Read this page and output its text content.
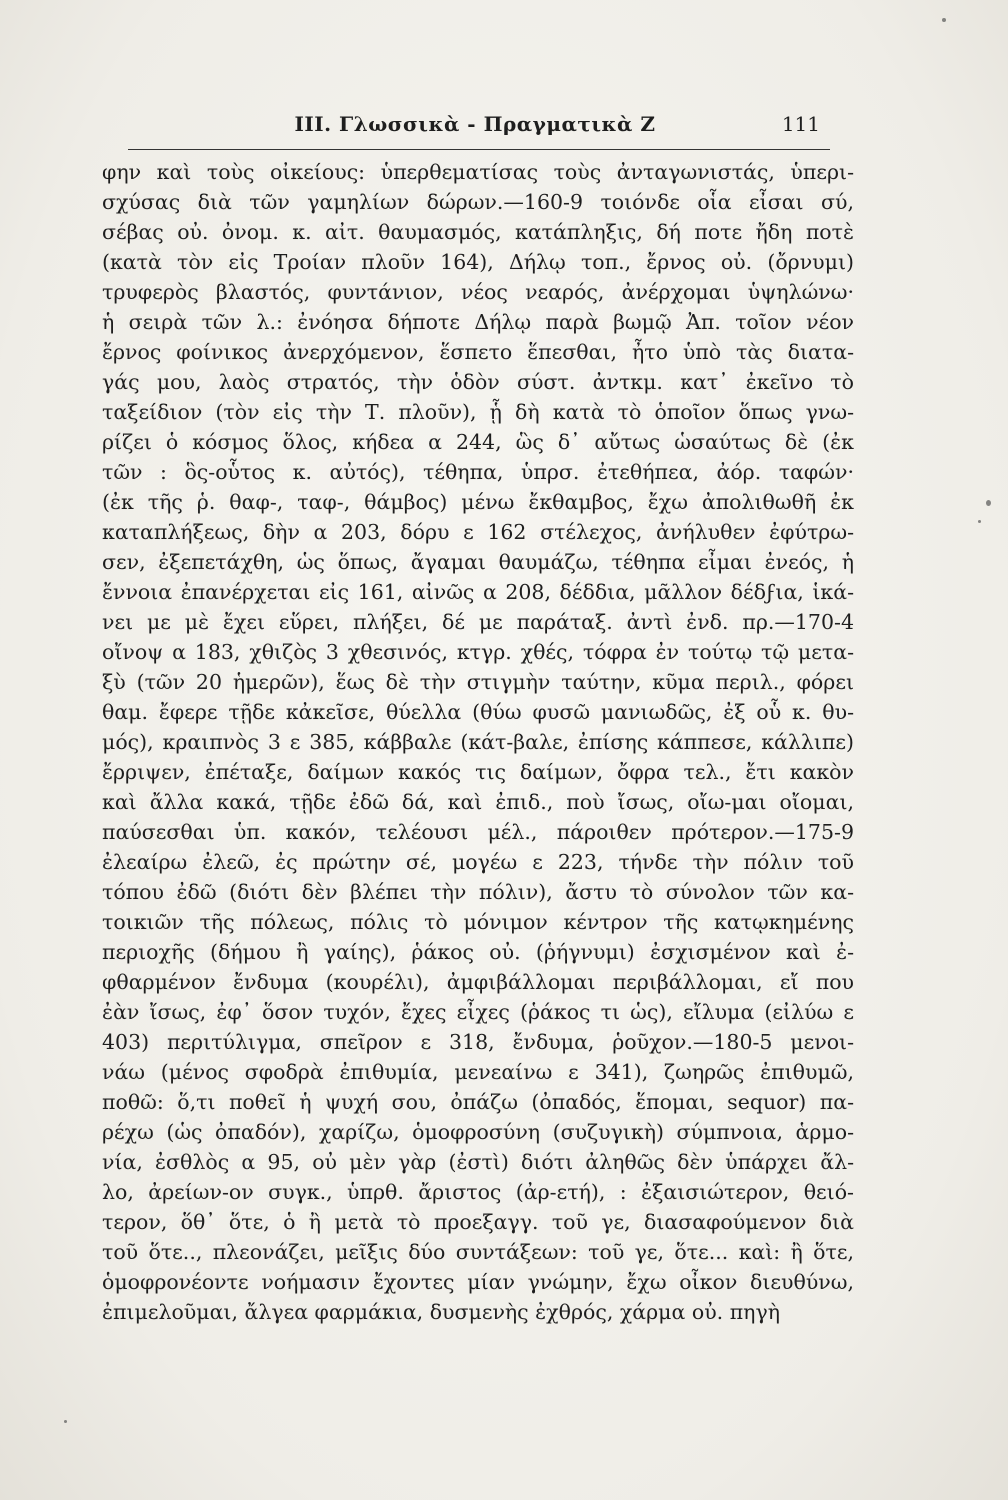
III. Γλωσσικὰ - Πραγματικὰ Ζ	111
φην καὶ τοὺς οἰκείους: ὑπερθεματίσας τοὺς ἀνταγωνιστάς, ὑπερι-
σχύσας διὰ τῶν γαμηλίων δώρων.—160-9 τοιόνδε οἷα εἶσαι σύ,
σέβας οὐ. ὀνομ. κ. αἰτ. θαυμασμός, κατάπληξις, δή ποτε ἤδη ποτὲ
(κατὰ τὸν εἰς Τροίαν πλοῦν 164), Δήλῳ τοπ., ἔρνος οὐ. (ὄρνυμι)
τρυφερὸς βλαστός, φυντάνιον, νέος νεαρός, ἀνέρχομαι ὑψηλώνω·
ἡ σειρὰ τῶν λ.: ἐνόησα δήποτε Δήλῳ παρὰ βωμῷ Ἀπ. τοῖον νέον
ἔρνος φοίνικος ἀνερχόμενον, ἕσπετο ἕπεσθαι, ἦτο ὑπὸ τὰς διατα-
γάς μου, λαὸς στρατός, τὴν ὁδὸν σύστ. ἀντκμ. κατ᾽ ἐκεῖνο τὸ
ταξείδιον (τὸν εἰς τὴν Τ. πλοῦν), ᾗ δὴ κατὰ τὸ ὁποῖον ὅπως γνω-
ρίζει ὁ κόσμος ὅλος, κήδεα α 244, ὣς δ᾽ αὔτως ὡσαύτως δὲ (ἐκ
τῶν : ὃς-οὗτος κ. αὐτός), τέθηπα, ὑπρσ. ἐτεθήπεα, ἀόρ. ταφών·
(ἐκ τῆς ῥ. θαφ-, ταφ-, θάμβος) μένω ἔκθαμβος, ἔχω ἀπολιθωθῆ ἐκ
καταπλήξεως, δὴν α 203, δόρυ ε 162 στέλεχος, ἀνήλυθεν ἐφύτρω-
σεν, ἐξεπετάχθη, ὡς ὅπως, ἄγαμαι θαυμάζω, τέθηπα εἶμαι ἐνεός, ἡ
ἔννοια ἐπανέρχεται εἰς 161, αἰνῶς α 208, δέδδια, μᾶλλον δέδϝια, ἱκά-
νει με μὲ ἔχει εὕρει, πλήξει, δέ με παράταξ. ἀντὶ ἐνδ. πρ.—170-4
οἴνοψ α 183, χθιζὸς 3 χθεσινός, κτγρ. χθές, τόφρα ἐν τούτῳ τῷ μετα-
ξὺ (τῶν 20 ἡμερῶν), ἕως δὲ τὴν στιγμὴν ταύτην, κῦμα περιλ., φόρει
θαμ. ἔφερε τῇδε κἀκεῖσε, θύελλα (θύω φυσῶ μανιωδῶς, ἐξ οὗ κ. θυ-
μός), κραιπνὸς 3 ε 385, κάββαλε (κάτ-βαλε, ἐπίσης κάππεσε, κάλλιπε)
ἔρριψεν, ἐπέταξε, δαίμων κακός τις δαίμων, ὄφρα τελ., ἔτι κακὸν
καὶ ἄλλα κακά, τῇδε ἐδῶ δά, καὶ ἐπιδ., ποὺ ἴσως, οἴω-μαι οἴομαι,
παύσεσθαι ὑπ. κακόν, τελέουσι μέλ., πάροιθεν πρότερον.—175-9
ἐλεαίρω ἐλεῶ, ἐς πρώτην σέ, μογέω ε 223, τήνδε τὴν πόλιν τοῦ
τόπου ἐδῶ (διότι δὲν βλέπει τὴν πόλιν), ἄστυ τὸ σύνολον τῶν κα-
τοικιῶν τῆς πόλεως, πόλις τὸ μόνιμον κέντρον τῆς κατῳκημένης
περιοχῆς (δήμου ἢ γαίης), ῥάκος οὐ. (ῥήγνυμι) ἐσχισμένον καὶ ἐ-
φθαρμένον ἔνδυμα (κουρέλι), ἀμφιβάλλομαι περιβάλλομαι, εἴ που
ἐὰν ἴσως, ἐφ᾽ ὅσον τυχόν, ἔχες εἶχες (ῥάκος τι ὡς), εἴλυμα (εἰλύω ε
403) περιτύλιγμα, σπεῖρον ε 318, ἔνδυμα, ῥοῦχον.—180-5 μενοι-
νάω (μένος σφοδρὰ ἐπιθυμία, μενεαίνω ε 341), ζωηρῶς ἐπιθυμῶ,
ποθῶ: ὅ,τι ποθεῖ ἡ ψυχή σου, ὀπάζω (ὀπαδός, ἕπομαι, sequor) πα-
ρέχω (ὡς ὀπαδόν), χαρίζω, ὁμοφροσύνη (συζυγικὴ) σύμπνοια, ἁρμο-
νία, ἐσθλὸς α 95, οὐ μὲν γὰρ (ἐστὶ) διότι ἀληθῶς δὲν ὑπάρχει ἄλ-
λο, ἀρείων-ον συγκ., ὑπρθ. ἄριστος (ἀρ-ετή), : ἐξαισιώτερον, θειό-
τερον, ὅθ᾽ ὅτε, ὁ ἢ μετὰ τὸ προεξαγγ. τοῦ γε, διασαφούμενον διὰ
τοῦ ὅτε.., πλεονάζει, μεῖξις δύο συντάξεων: τοῦ γε, ὅτε... καὶ: ἢ ὅτε,
ὁμοφρονέοντε νοήμασιν ἔχοντες μίαν γνώμην, ἔχω οἶκον διευθύνω,
ἐπιμελοῦμαι, ἄλγεα φαρμάκια, δυσμενὴς ἐχθρός, χάρμα οὐ. πηγὴ
